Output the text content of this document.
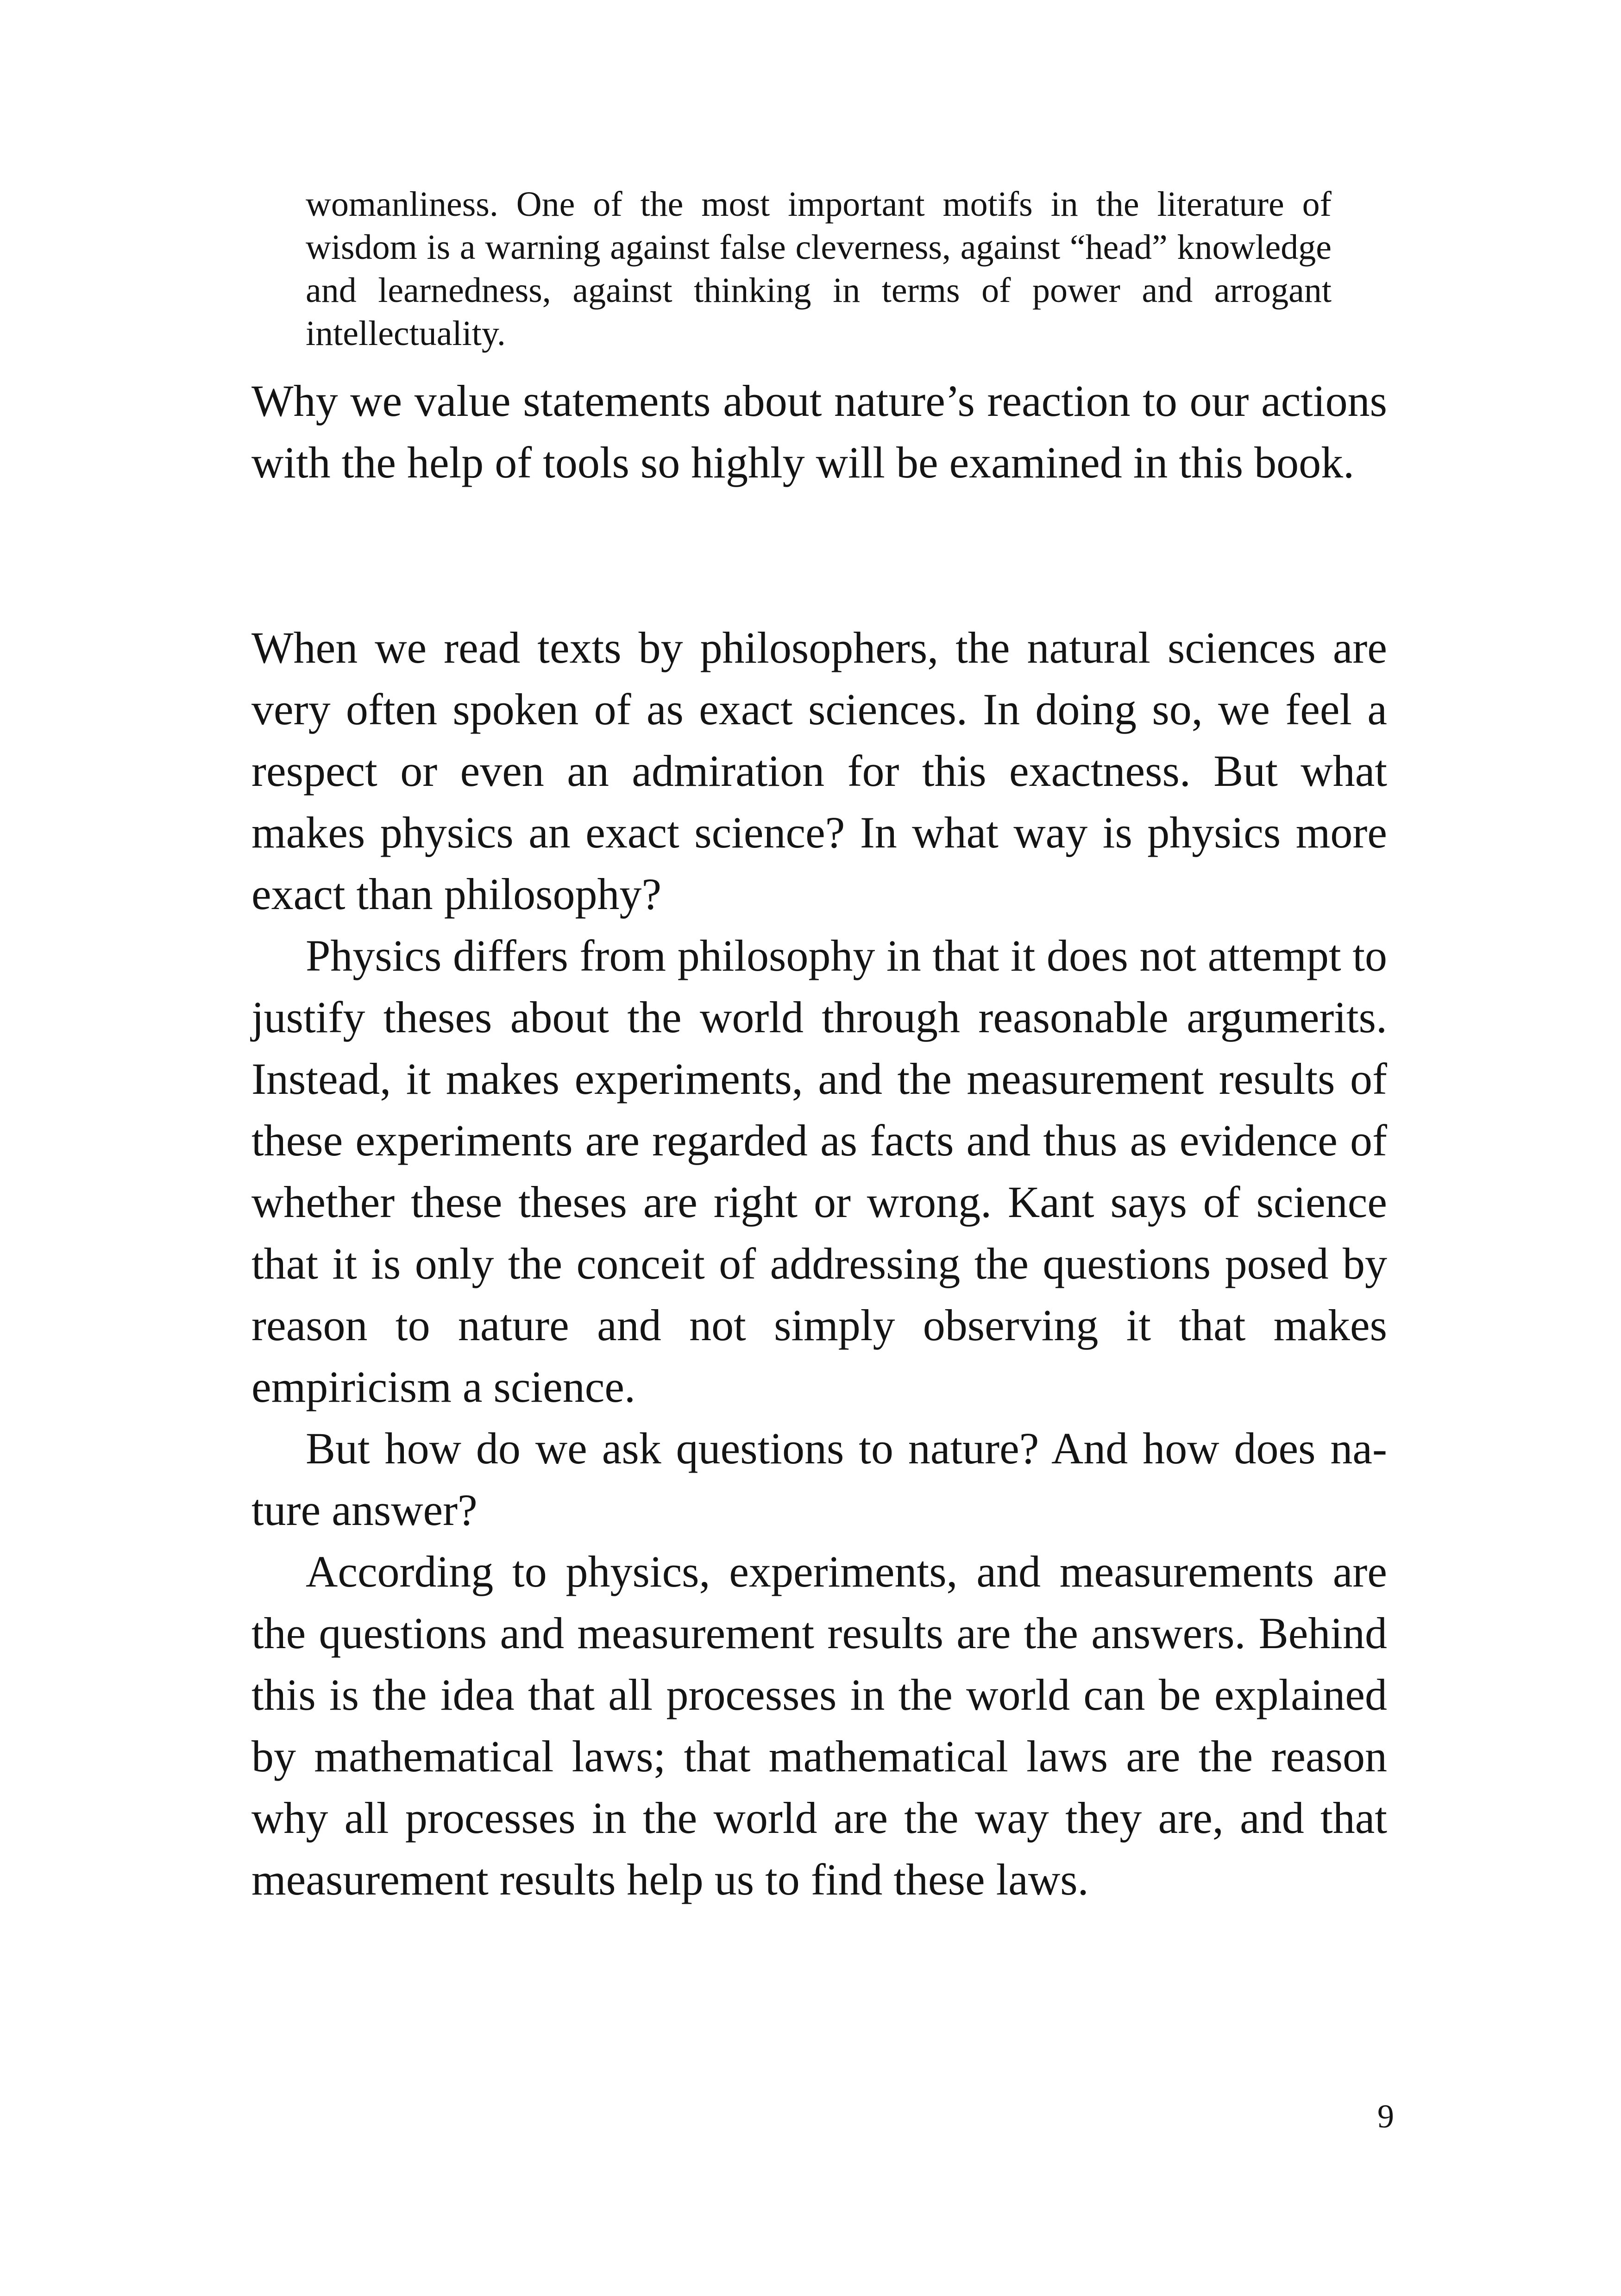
womanliness. One of the most important motifs in the literature of wisdom is a warning against false cleverness, against “head” knowledge and learnedness, against thinking in terms of power and arrogant intellectuality.

Why we value statements about nature’s reaction to our actions with the help of tools so highly will be examined in this book.

When we read texts by philosophers, the natural sciences are very often spoken of as exact sciences. In doing so, we feel a respect or even an admiration for this exactness. But what makes physics an exact science? In what way is physics more exact than philosophy?

Physics differs from philosophy in that it does not attempt to justify theses about the world through reasonable argumerits. Instead, it makes experiments, and the measurement results of these experiments are regarded as facts and thus as evidence of whether these theses are right or wrong. Kant says of science that it is only the conceit of addressing the questions posed by reason to nature and not simply observing it that makes empiricism a science.

But how do we ask questions to nature? And how does nature answer?

According to physics, experiments, and measurements are the questions and measurement results are the answers. Behind this is the idea that all processes in the world can be explained by mathematical laws; that mathematical laws are the reason why all processes in the world are the way they are, and that measurement results help us to find these laws.

9
